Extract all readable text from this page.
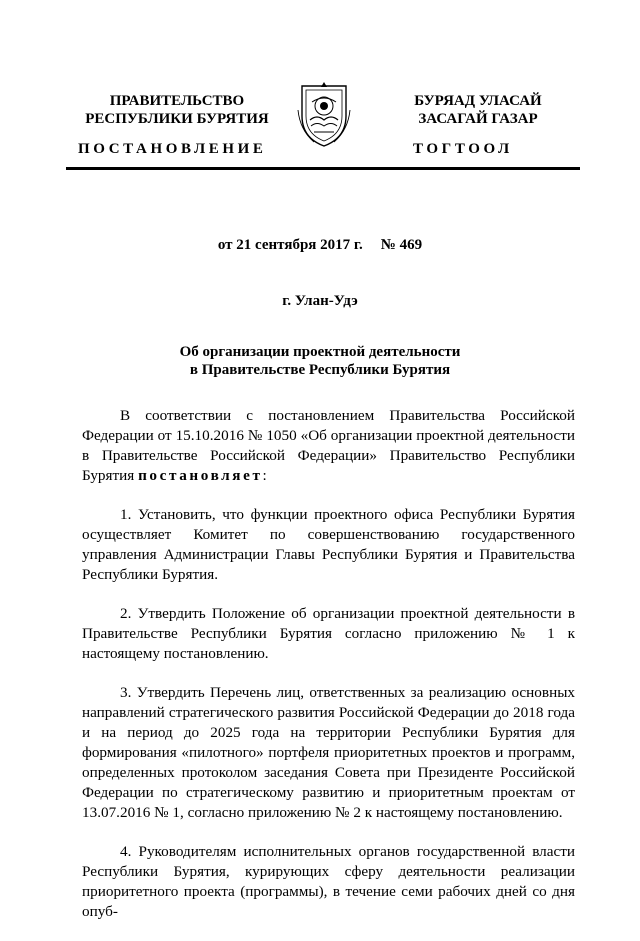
ПРАВИТЕЛЬСТВО
РЕСПУБЛИКИ БУРЯТИЯ
ПОСТАНОВЛЕНИЕ
БУРЯАД УЛАСАЙ
ЗАСАГАЙ ГАЗАР
ТОГТООЛ
от 21 сентября 2017 г. № 469
г. Улан-Удэ
Об организации проектной деятельности
в Правительстве Республики Бурятия

В соответствии с постановлением Правительства Российской Федерации от 15.10.2016 № 1050 «Об организации проектной деятельности в Правительстве Российской Федерации» Правительство Республики Бурятия постановляет:

1. Установить, что функции проектного офиса Республики Бурятия осуществляет Комитет по совершенствованию государственного управления Администрации Главы Республики Бурятия и Правительства Республики Бурятия.

2. Утвердить Положение об организации проектной деятельности в Правительстве Республики Бурятия согласно приложению № 1 к настоящему постановлению.

3. Утвердить Перечень лиц, ответственных за реализацию основных направлений стратегического развития Российской Федерации до 2018 года и на период до 2025 года на территории Республики Бурятия для формирования «пилотного» портфеля приоритетных проектов и программ, определенных протоколом заседания Совета при Президенте Российской Федерации по стратегическому развитию и приоритетным проектам от 13.07.2016 № 1, согласно приложению № 2 к настоящему постановлению.

4. Руководителям исполнительных органов государственной власти Республики Бурятия, курирующих сферу деятельности реализации приоритетного проекта (программы), в течение семи рабочих дней со дня опуб-
